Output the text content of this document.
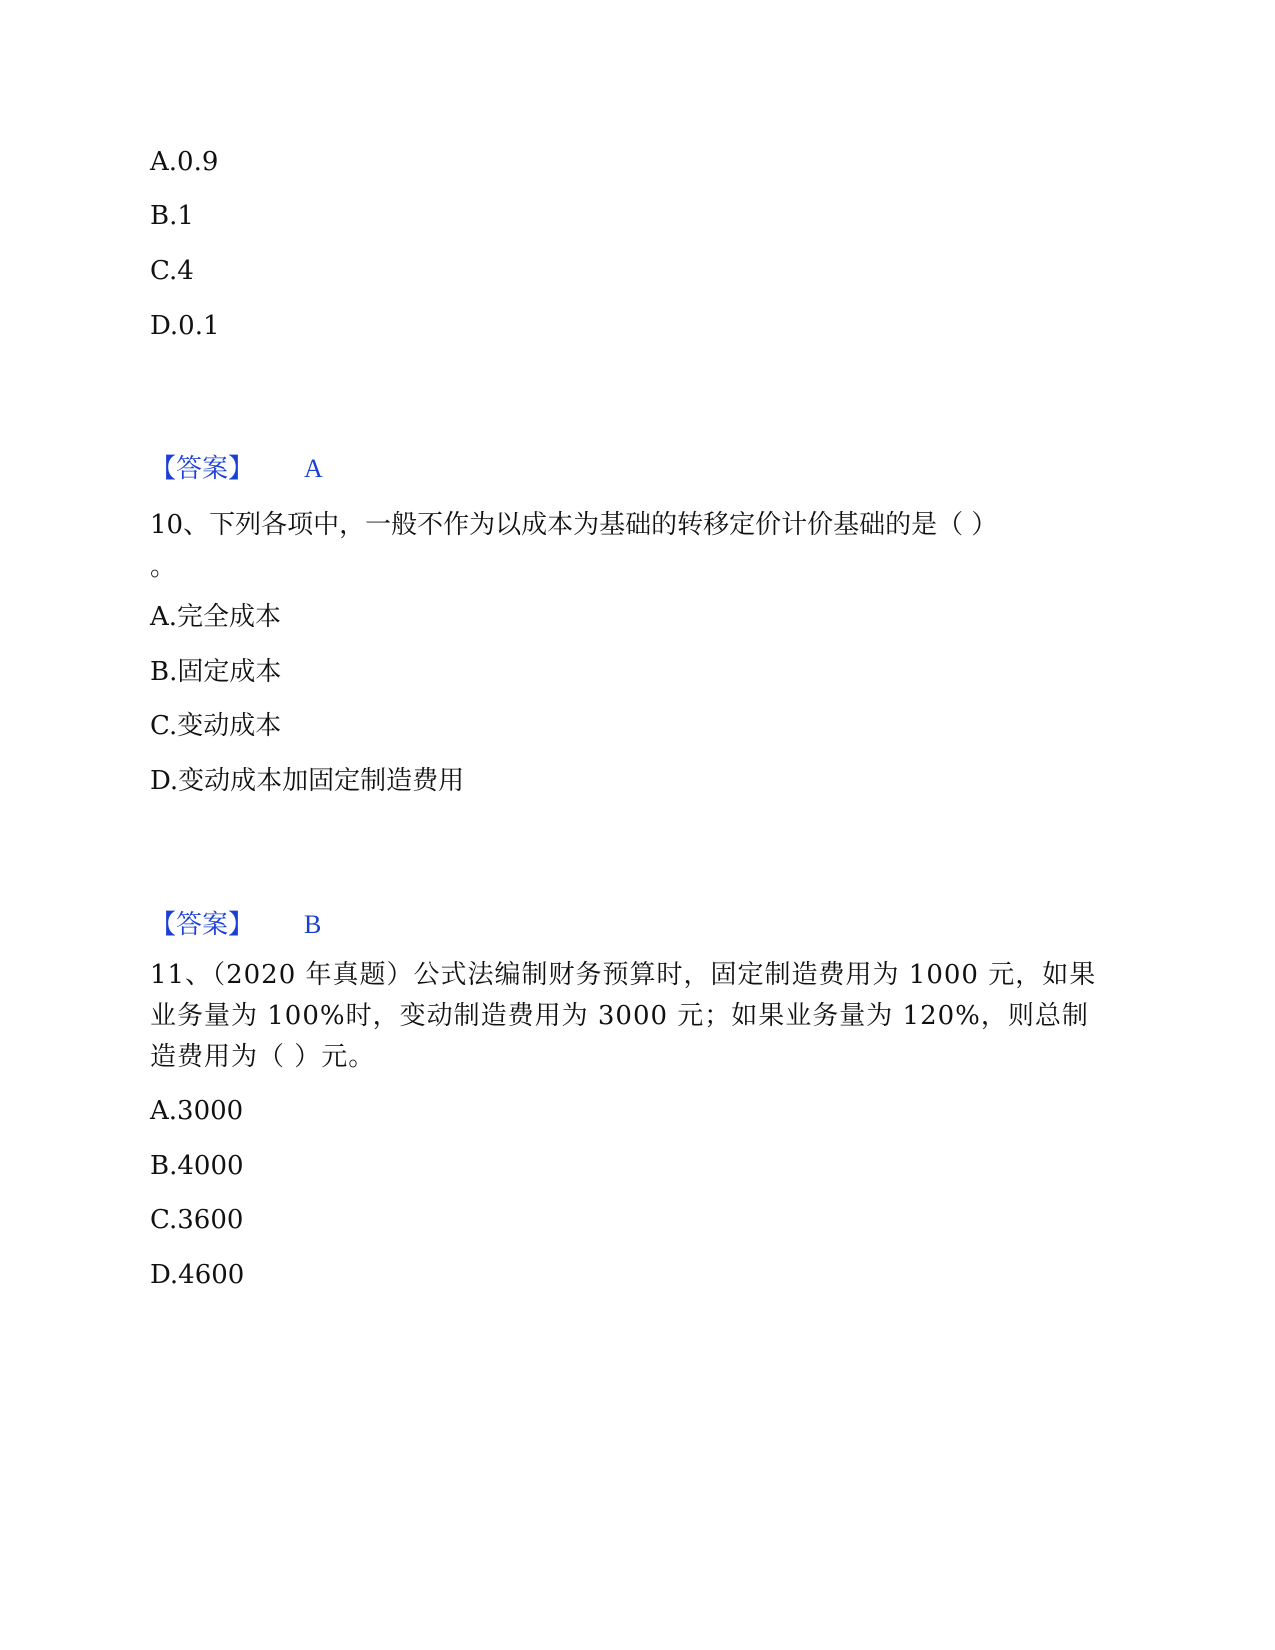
A.0.9
B.1
C.4
D.0.1
【答案】 A
10、下列各项中，一般不作为以成本为基础的转移定价计价基础的是（ ）
。
A.完全成本
B.固定成本
C.变动成本
D.变动成本加固定制造费用
【答案】 B
11、（2020 年真题）公式法编制财务预算时，固定制造费用为 1000 元，如果业务量为 100%时，变动制造费用为 3000 元；如果业务量为 120%，则总制造费用为（ ）元。
A.3000
B.4000
C.3600
D.4600
